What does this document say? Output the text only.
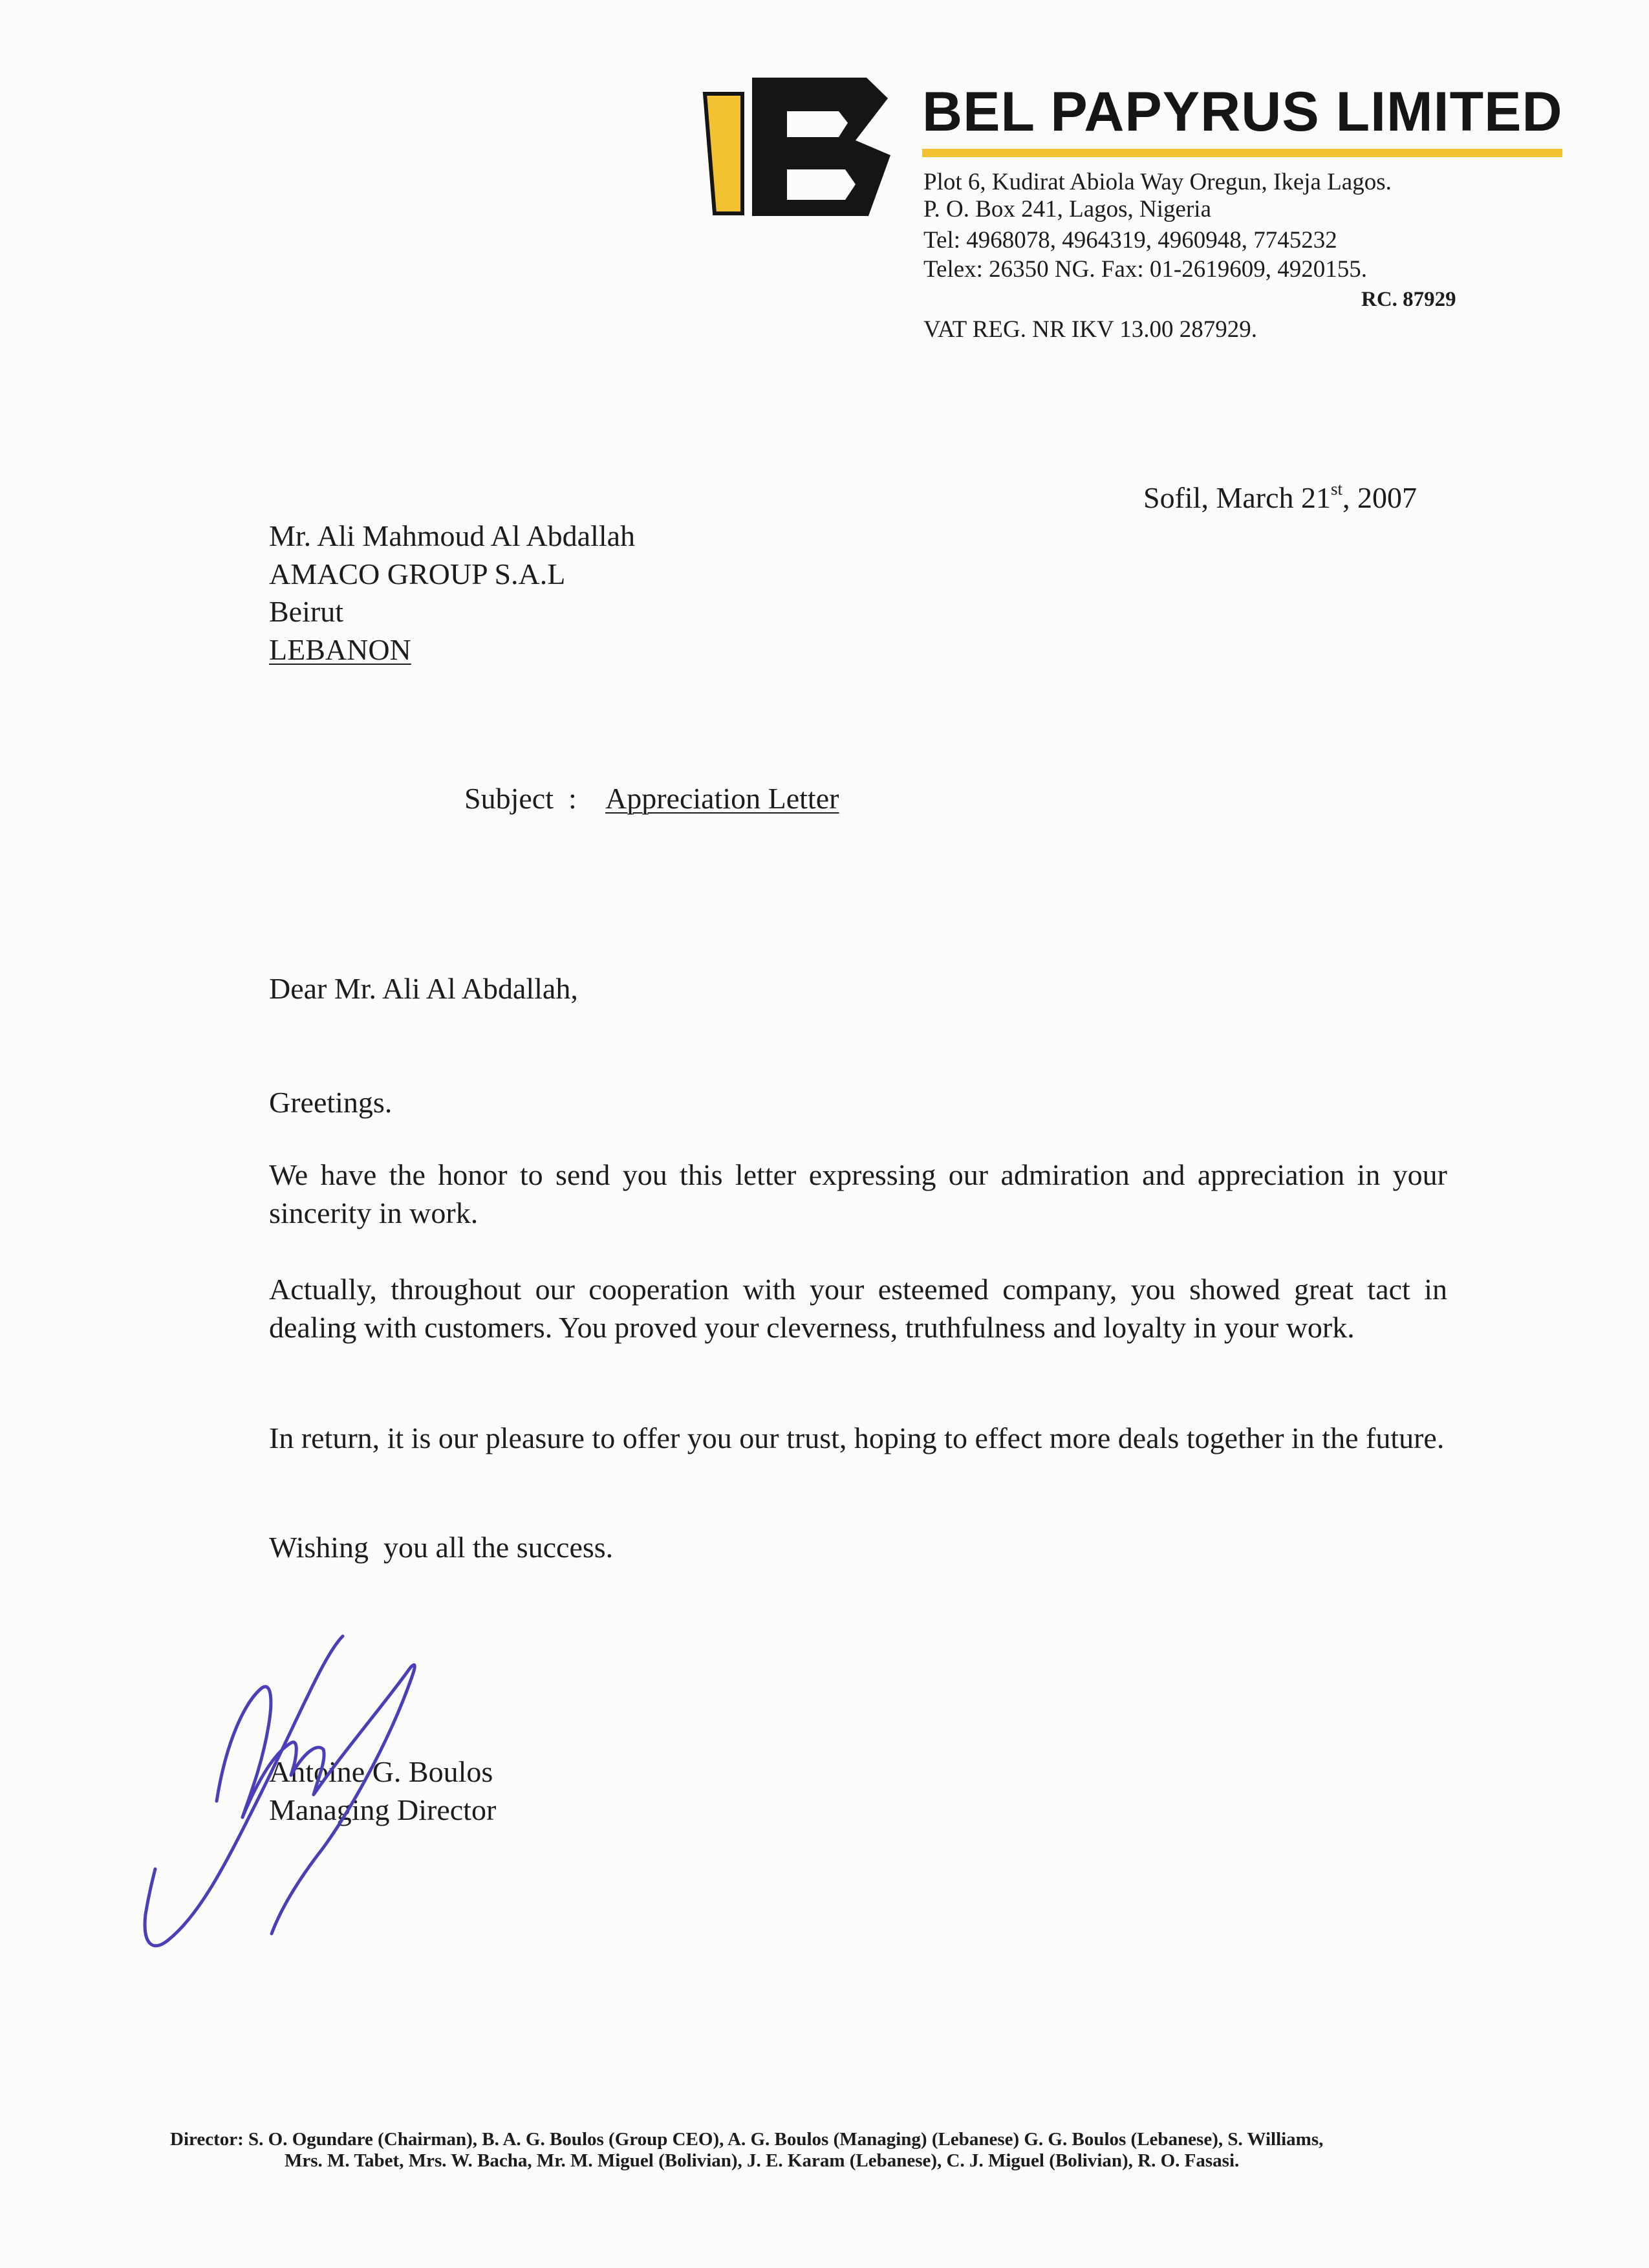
BEL PAPYRUS LIMITED
Plot 6, Kudirat Abiola Way Oregun, Ikeja Lagos.
P. O. Box 241, Lagos, Nigeria
Tel: 4968078, 4964319, 4960948, 7745232
Telex: 26350 NG. Fax: 01-2619609, 4920155.
RC. 87929
VAT REG. NR IKV 13.00 287929.
Sofil, March 21st, 2007
Mr. Ali Mahmoud Al Abdallah
AMACO GROUP S.A.L
Beirut
LEBANON
Subject  : Appreciation Letter
Dear Mr. Ali Al Abdallah,
Greetings.
We have the honor to send you this letter expressing our admiration and appreciation in your sincerity in work.
Actually, throughout our cooperation with your esteemed company, you showed great tact in dealing with customers. You proved your cleverness, truthfulness and loyalty in your work.
In return, it is our pleasure to offer you our trust, hoping to effect more deals together in the future.
Wishing  you all the success.
Antoine G. Boulos
Managing Director
Director: S. O. Ogundare (Chairman), B. A. G. Boulos (Group CEO), A. G. Boulos (Managing) (Lebanese) G. G. Boulos (Lebanese), S. Williams,
Mrs. M. Tabet, Mrs. W. Bacha, Mr. M. Miguel (Bolivian), J. E. Karam (Lebanese), C. J. Miguel (Bolivian), R. O. Fasasi.
